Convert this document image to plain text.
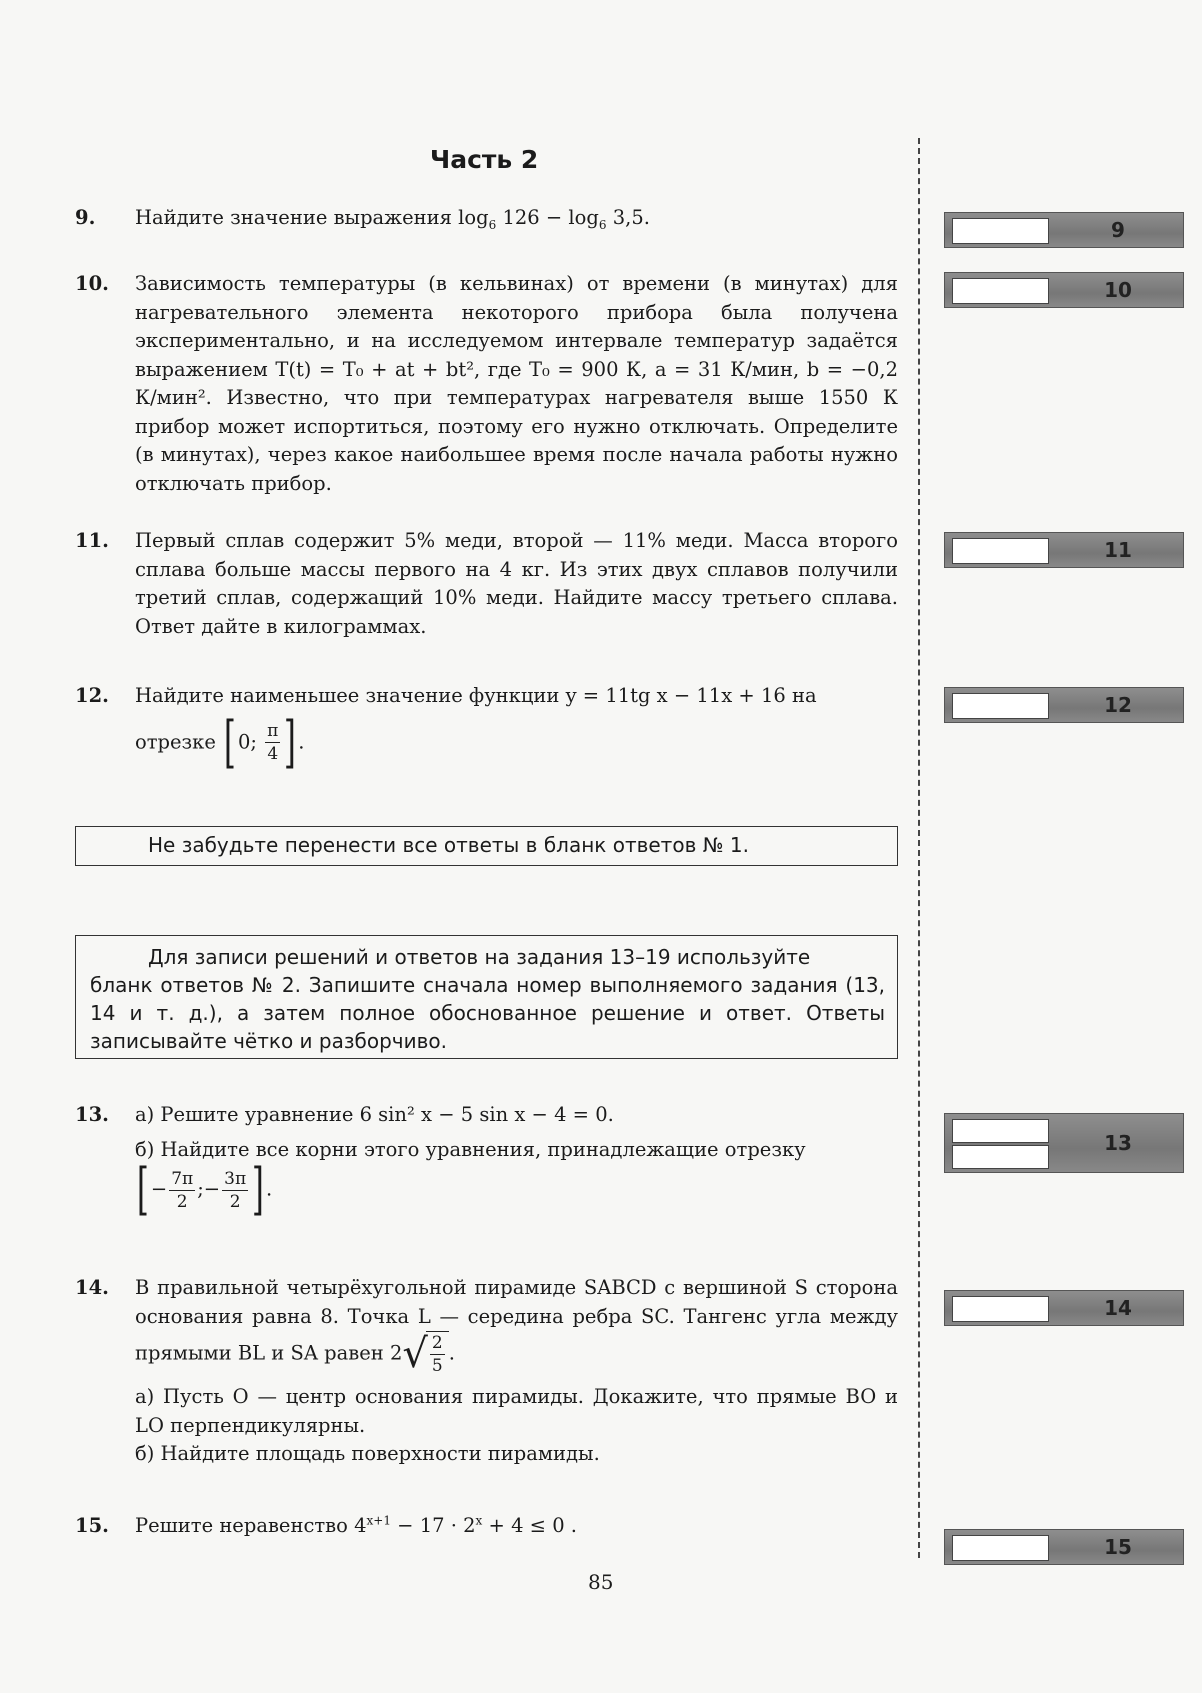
Часть 2
9. Найдите значение выражения $\log_6 126 - \log_6 3,5$.
10. Зависимость температуры (в кельвинах) от времени (в минутах) для нагревательного элемента некоторого прибора была получена экспериментально, и на исследуемом интервале температур задаётся выражением T(t) = T₀ + at + bt², где T₀ = 900 К, a = 31 К/мин, b = −0,2 К/мин². Известно, что при температурах нагревателя выше 1550 К прибор может испортиться, поэтому его нужно отключать. Определите (в минутах), через какое наибольшее время после начала работы нужно отключать прибор.
11. Первый сплав содержит 5% меди, второй — 11% меди. Масса второго сплава больше массы первого на 4 кг. Из этих двух сплавов получили третий сплав, содержащий 10% меди. Найдите массу третьего сплава. Ответ дайте в килограммах.
12. Найдите наименьшее значение функции y = 11tg x − 11x + 16 на

отрезке [0; $\frac{\pi}{4}$ ].

Не забудьте перенести все ответы в бланк ответов № 1.
Для записи решений и ответов на задания 13–19 используйте
бланк ответов № 2. Запишите сначала номер выполняемого задания (13, 14 и т. д.), а затем полное обоснованное решение и ответ. Ответы записывайте чётко и разборчиво.
13. а) Решите уравнение 6 sin² x − 5 sin x − 4 = 0.

б) Найдите все корни этого уравнения, принадлежащие отрезку

[− $\frac{7\pi}{2}$ ;− $\frac{3\pi}{2}$ ].

14. В правильной четырёхугольной пирамиде SABCD с вершиной S сторона основания равна 8. Точка L — середина ребра SC. Тангенс угла между прямыми BL и SA равен 2 √ $\frac{2}{5}$ .

а) Пусть O — центр основания пирамиды. Докажите, что прямые BO и LO перпендикулярны.

б) Найдите площадь поверхности пирамиды.

15. Решите неравенство $4^{x+1} - 17 \cdot 2^x + 4 \le 0$ .
9
10
11
12
13
14
15
85
